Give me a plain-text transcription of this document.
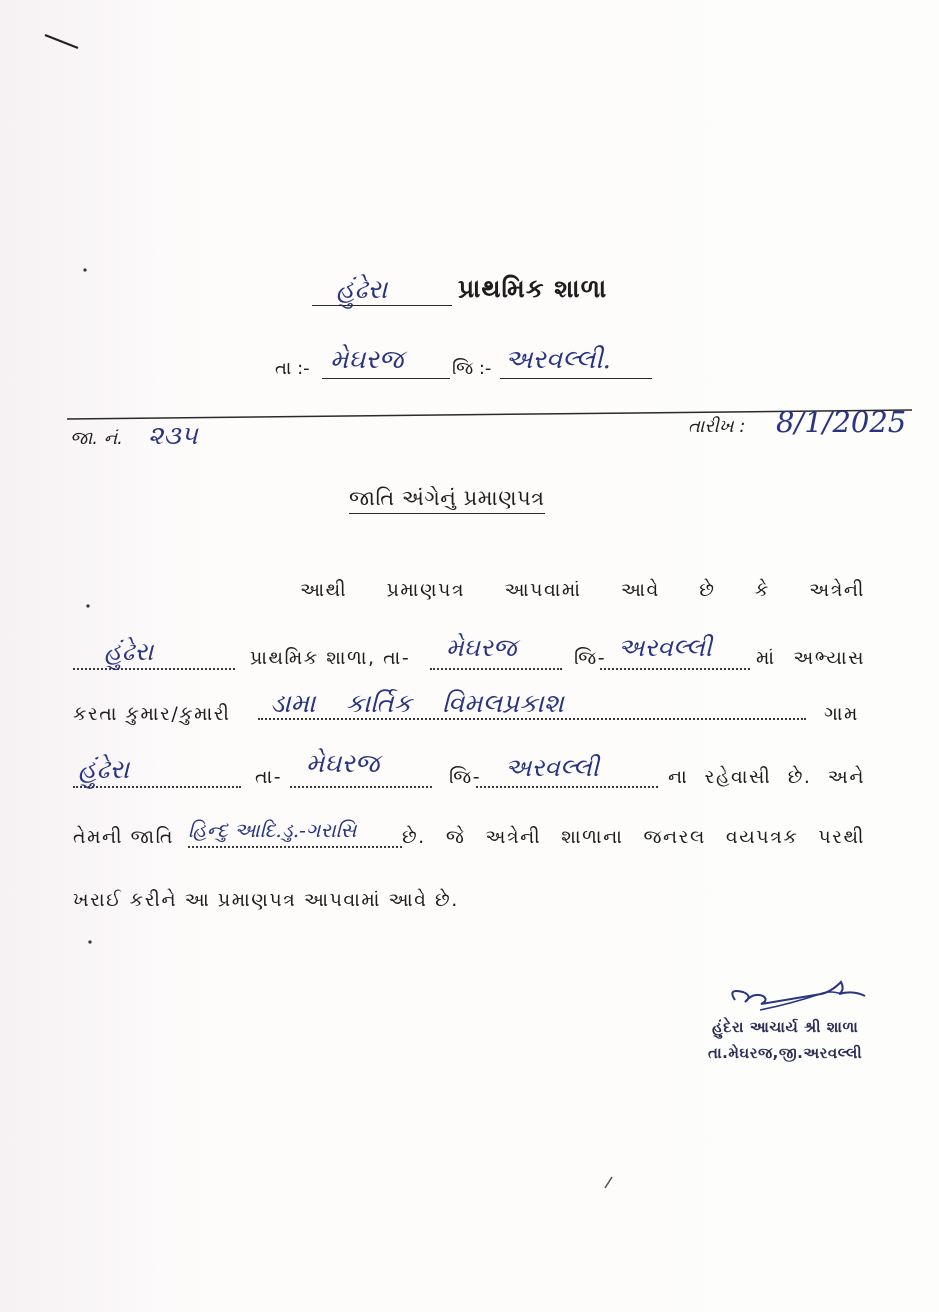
હુંઢેરા	પ્રાથમિક શાળા
તા :- મેઘરજ	જિ :- અરવલ્લી.
જા. નં. ૨૩૫	તારીખ : 8/1/2025
જાતિ અંગેનું પ્રમાણપત્ર
આથી પ્રમાણપત્ર આપવામાં આવે છે કે અત્રેની
હુંઢેરા	પ્રાથમિક શાળા, તા- મેઘરજ	જિ- અરવલ્લી માં અભ્યાસ
કરતા કુમાર/કુમારી ડામા કાર્તિક વિમલપ્રકાશ	ગામ
હુંઢેરા	તા- મેઘરજ	જિ- અરવલ્લી	ના રહેવાસી છે. અને
તેમની જાતિ હિન્દુ આદિ.ડુ.-ગરાસિ છે. જે અત્રેની શાળાના જનરલ વયપત્રક પરથી
ખરાઈ કરીને આ પ્રમાણપત્ર આપવામાં આવે છે.
હુંદેરા આચાર્ય શ્રી શાળા
તા.મેઘરજ,જી.અરવલ્લી
